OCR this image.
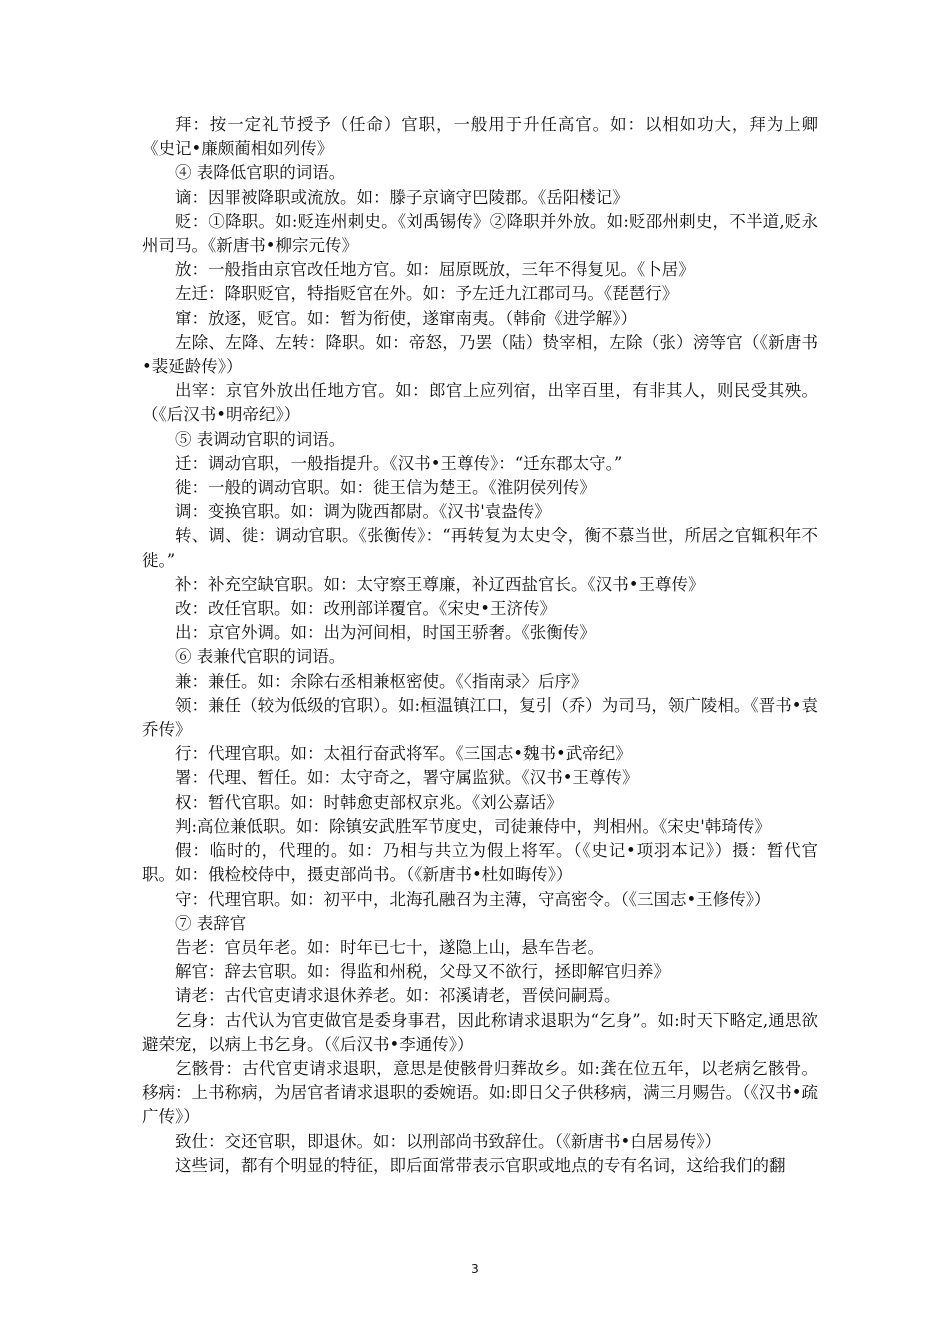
拜：按一定礼节授予（任命）官职，一般用于升任高官。如：以相如功大，拜为上卿《史记•廉颇蔺相如列传》

④ 表降低官职的词语。

谪：因罪被降职或流放。如：滕子京谪守巴陵郡。《岳阳楼记》

贬：①降职。如:贬连州刺史。《刘禹锡传》②降职并外放。如:贬邵州刺史，不半道,贬永州司马。《新唐书•柳宗元传》

放：一般指由京官改任地方官。如：屈原既放，三年不得复见。《卜居》

左迁：降职贬官，特指贬官在外。如：予左迁九江郡司马。《琵琶行》

窜：放逐，贬官。如：暂为衔使，遂窜南夷。（韩俞《进学解》）

左除、左降、左转：降职。如：帝怒，乃罢（陆）贽宰相，左除（张）滂等官（《新唐书•裴延龄传》）

出宰：京官外放出任地方官。如：郎官上应列宿，出宰百里，有非其人，则民受其殃。（《后汉书•明帝纪》）

⑤ 表调动官职的词语。

迁：调动官职，一般指提升。《汉书•王尊传》：“迁东郡太守。”

徙：一般的调动官职。如：徙王信为楚王。《淮阴侯列传》

调：变换官职。如：调为陇西都尉。《汉书'袁盎传》

转、调、徙：调动官职。《张衡传》：“再转复为太史令，衡不慕当世，所居之官辄积年不徙。”

补：补充空缺官职。如：太守察王尊廉，补辽西盐官长。《汉书•王尊传》

改：改任官职。如：改刑部详覆官。《宋史•王济传》

出：京官外调。如：出为河间相，时国王骄奢。《张衡传》

⑥ 表兼代官职的词语。

兼：兼任。如：余除右丞相兼枢密使。《〈指南录〉后序》

领：兼任（较为低级的官职）。如:桓温镇江口，复引（乔）为司马，领广陵相。《晋书•袁乔传》

行：代理官职。如：太祖行奋武将军。《三国志•魏书•武帝纪》

署：代理、暂任。如：太守奇之，署守属监狱。《汉书•王尊传》

权：暂代官职。如：时韩愈吏部权京兆。《刘公嘉话》

判:高位兼低职。如：除镇安武胜军节度史，司徒兼侍中，判相州。《宋史'韩琦传》

假：临时的，代理的。如：乃相与共立为假上将军。（《史记•项羽本记》）摄：暂代官职。如：俄检校侍中，摄吏部尚书。（《新唐书•杜如晦传》）

守：代理官职。如：初平中，北海孔融召为主薄，守高密令。（《三国志•王修传》）

⑦ 表辞官

告老：官员年老。如：时年已七十，遂隐上山，悬车告老。

解官：辞去官职。如：得监和州税，父母又不欲行，拯即解官归养》

请老：古代官吏请求退休养老。如：祁溪请老，晋侯问嗣焉。

乞身：古代认为官吏做官是委身事君，因此称请求退职为“乞身”。如:时天下略定,通思欲避荣宠，以病上书乞身。（《后汉书•李通传》）

乞骸骨：古代官吏请求退职，意思是使骸骨归葬故乡。如:龚在位五年，以老病乞骸骨。移病：上书称病，为居官者请求退职的委婉语。如:即日父子供移病，满三月赐告。（《汉书•疏广传》）

致仕：交还官职，即退休。如：以刑部尚书致辞仕。（《新唐书•白居易传》）

这些词，都有个明显的特征，即后面常带表示官职或地点的专有名词，这给我们的翻

3
